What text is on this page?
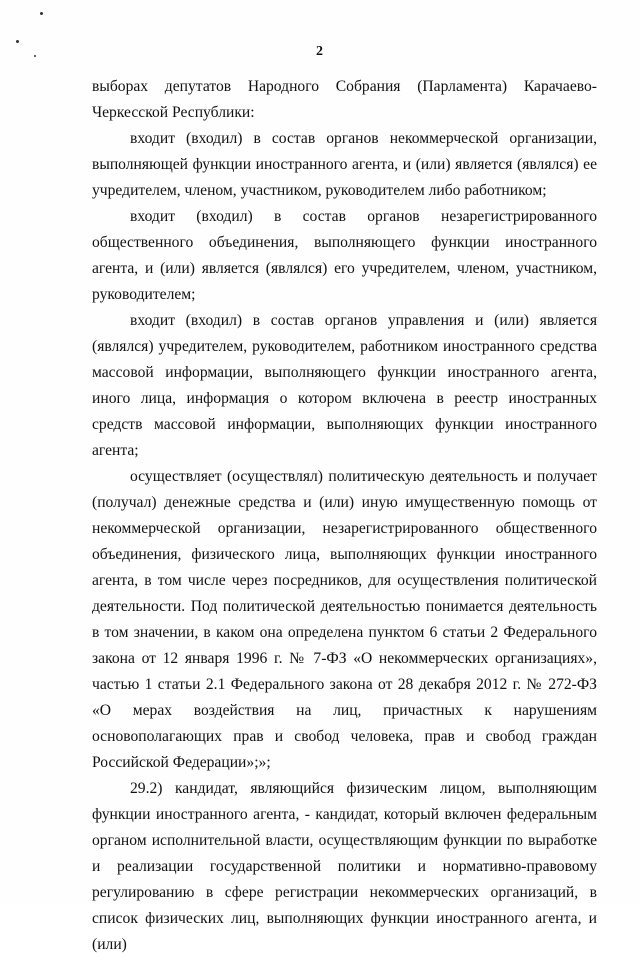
2

выборах депутатов Народного Собрания (Парламента) Карачаево-Черкесской Республики:

входит (входил) в состав органов некоммерческой организации, выполняющей функции иностранного агента, и (или) является (являлся) ее учредителем, членом, участником, руководителем либо работником;

входит (входил) в состав органов незарегистрированного общественного объединения, выполняющего функции иностранного агента, и (или) является (являлся) его учредителем, членом, участником, руководителем;

входит (входил) в состав органов управления и (или) является (являлся) учредителем, руководителем, работником иностранного средства массовой информации, выполняющего функции иностранного агента, иного лица, информация о котором включена в реестр иностранных средств массовой информации, выполняющих функции иностранного агента;

осуществляет (осуществлял) политическую деятельность и получает (получал) денежные средства и (или) иную имущественную помощь от некоммерческой организации, незарегистрированного общественного объединения, физического лица, выполняющих функции иностранного агента, в том числе через посредников, для осуществления политической деятельности. Под политической деятельностью понимается деятельность в том значении, в каком она определена пунктом 6 статьи 2 Федерального закона от 12 января 1996 г. № 7-ФЗ «О некоммерческих организациях», частью 1 статьи 2.1 Федерального закона от 28 декабря 2012 г. № 272-ФЗ «О мерах воздействия на лиц, причастных к нарушениям основополагающих прав и свобод человека, прав и свобод граждан Российской Федерации»;»;

29.2) кандидат, являющийся физическим лицом, выполняющим функции иностранного агента, - кандидат, который включен федеральным органом исполнительной власти, осуществляющим функции по выработке и реализации государственной политики и нормативно-правовому регулированию в сфере регистрации некоммерческих организаций, в список физических лиц, выполняющих функции иностранного агента, и (или)
